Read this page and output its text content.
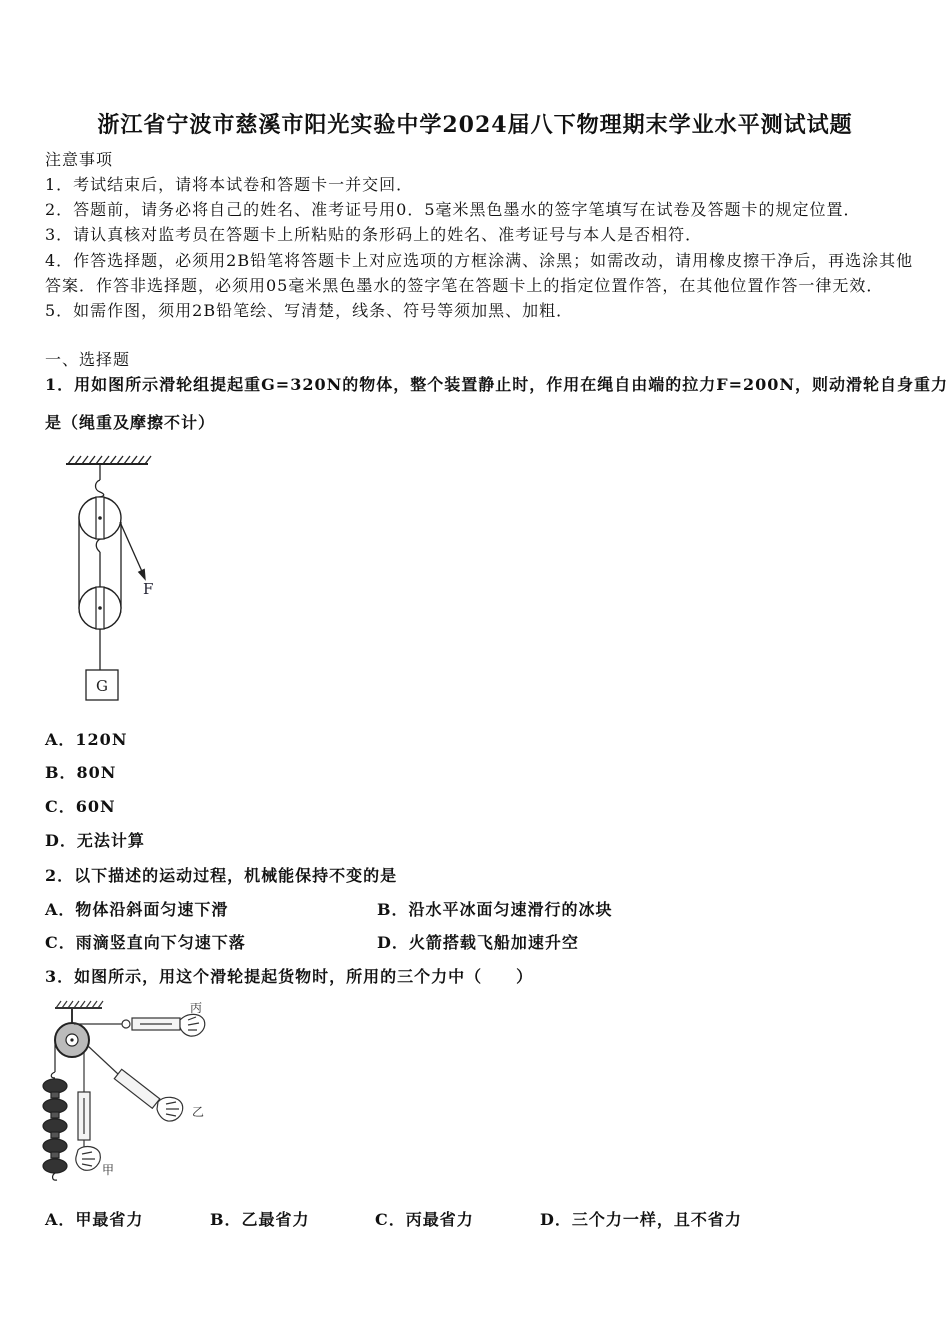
浙江省宁波市慈溪市阳光实验中学2024届八下物理期末学业水平测试试题
注意事项
1．考试结束后，请将本试卷和答题卡一并交回．
2．答题前，请务必将自己的姓名、准考证号用0．5毫米黑色墨水的签字笔填写在试卷及答题卡的规定位置．
3．请认真核对监考员在答题卡上所粘贴的条形码上的姓名、准考证号与本人是否相符．
4．作答选择题，必须用2B铅笔将答题卡上对应选项的方框涂满、涂黑；如需改动，请用橡皮擦干净后，再选涂其他
答案．作答非选择题，必须用05毫米黑色墨水的签字笔在答题卡上的指定位置作答，在其他位置作答一律无效．
5．如需作图，须用2B铅笔绘、写清楚，线条、符号等须加黑、加粗．
一、选择题
1．用如图所示滑轮组提起重G=320N的物体，整个装置静止时，作用在绳自由端的拉力F=200N，则动滑轮自身重力
是（绳重及摩擦不计）
F
G
A．120N
B．80N
C．60N
D．无法计算
2．以下描述的运动过程，机械能保持不变的是
A．物体沿斜面匀速下滑	B．沿水平冰面匀速滑行的冰块
C．雨滴竖直向下匀速下落	D．火箭搭载飞船加速升空
3．如图所示，用这个滑轮提起货物时，所用的三个力中（　　）
丙
乙
甲
A．甲最省力	B．乙最省力	C．丙最省力	D．三个力一样，且不省力
